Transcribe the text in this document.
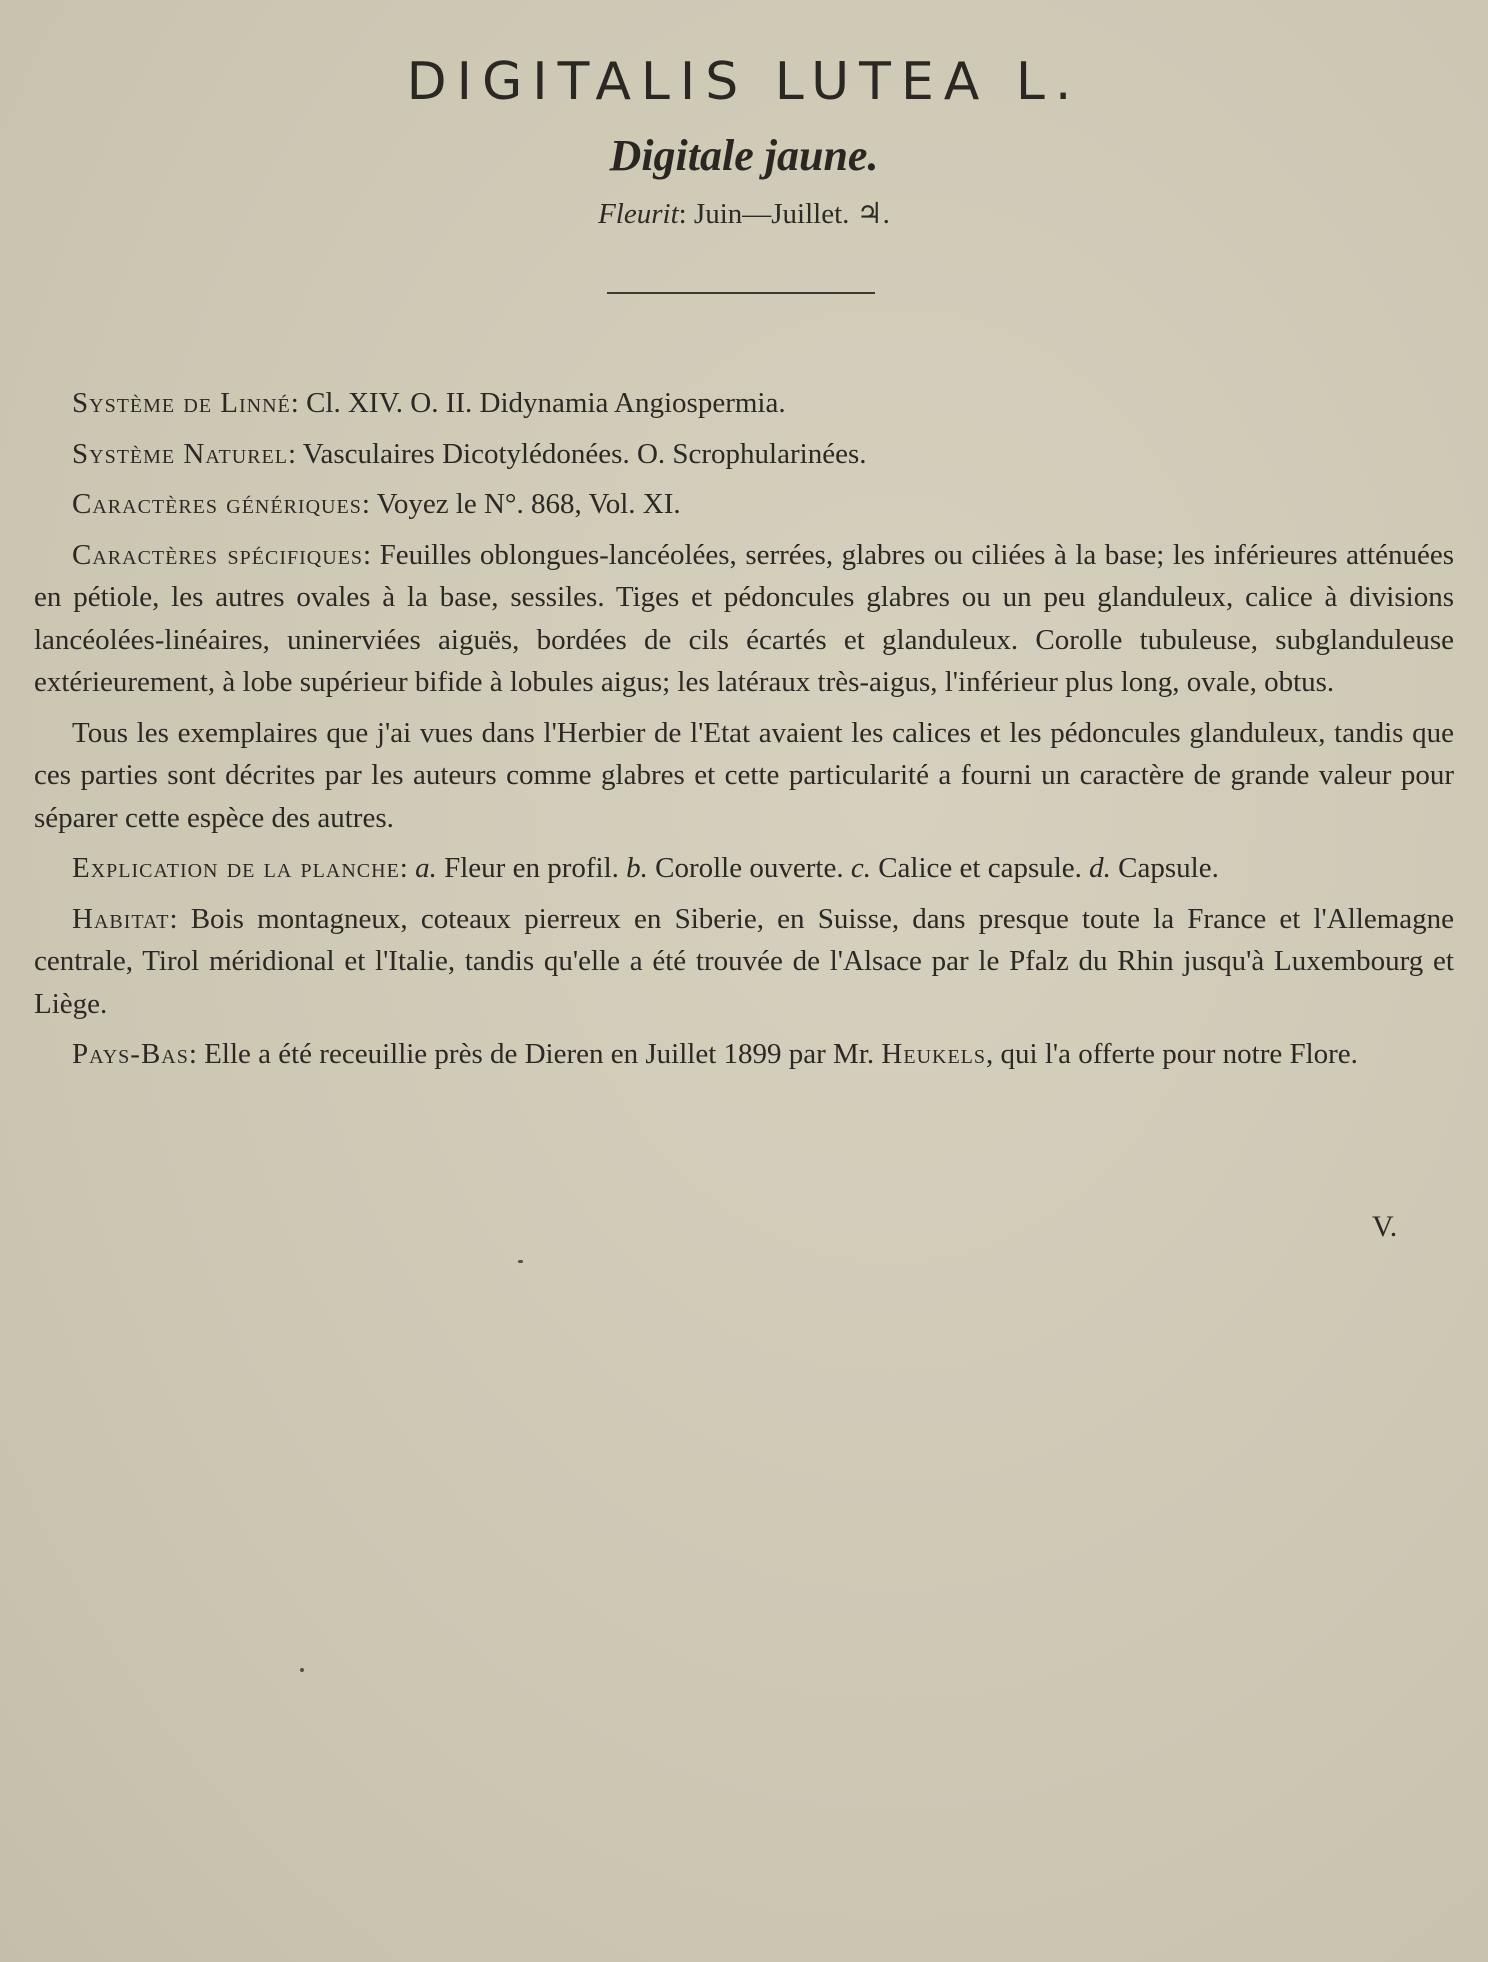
DIGITALIS LUTEA L.
Digitale jaune.
Fleurit: Juin—Juillet. ♃.

Système de Linné: Cl. XIV. O. II. Didynamia Angiospermia.

Système Naturel: Vasculaires Dicotylédonées. O. Scrophularinées.

Caractères génériques: Voyez le N°. 868, Vol. XI.

Caractères spécifiques: Feuilles oblongues-lancéolées, serrées, glabres ou ciliées à la base; les inférieures atténuées en pétiole, les autres ovales à la base, sessiles. Tiges et pédoncules glabres ou un peu glanduleux, calice à divisions lancéolées-linéaires, uninerviées aiguës, bordées de cils écartés et glanduleux. Corolle tubuleuse, subglanduleuse extérieurement, à lobe supérieur bifide à lobules aigus; les latéraux très-aigus, l'inférieur plus long, ovale, obtus.

Tous les exemplaires que j'ai vues dans l'Herbier de l'Etat avaient les calices et les pédoncules glanduleux, tandis que ces parties sont décrites par les auteurs comme glabres et cette particularité a fourni un caractère de grande valeur pour séparer cette espèce des autres.

Explication de la planche: a. Fleur en profil. b. Corolle ouverte. c. Calice et capsule. d. Capsule.

Habitat: Bois montagneux, coteaux pierreux en Siberie, en Suisse, dans presque toute la France et l'Allemagne centrale, Tirol méridional et l'Italie, tandis qu'elle a été trouvée de l'Alsace par le Pfalz du Rhin jusqu'à Luxembourg et Liège.

Pays-Bas: Elle a été receuillie près de Dieren en Juillet 1899 par Mr. Heukels, qui l'a offerte pour notre Flore.

V.
